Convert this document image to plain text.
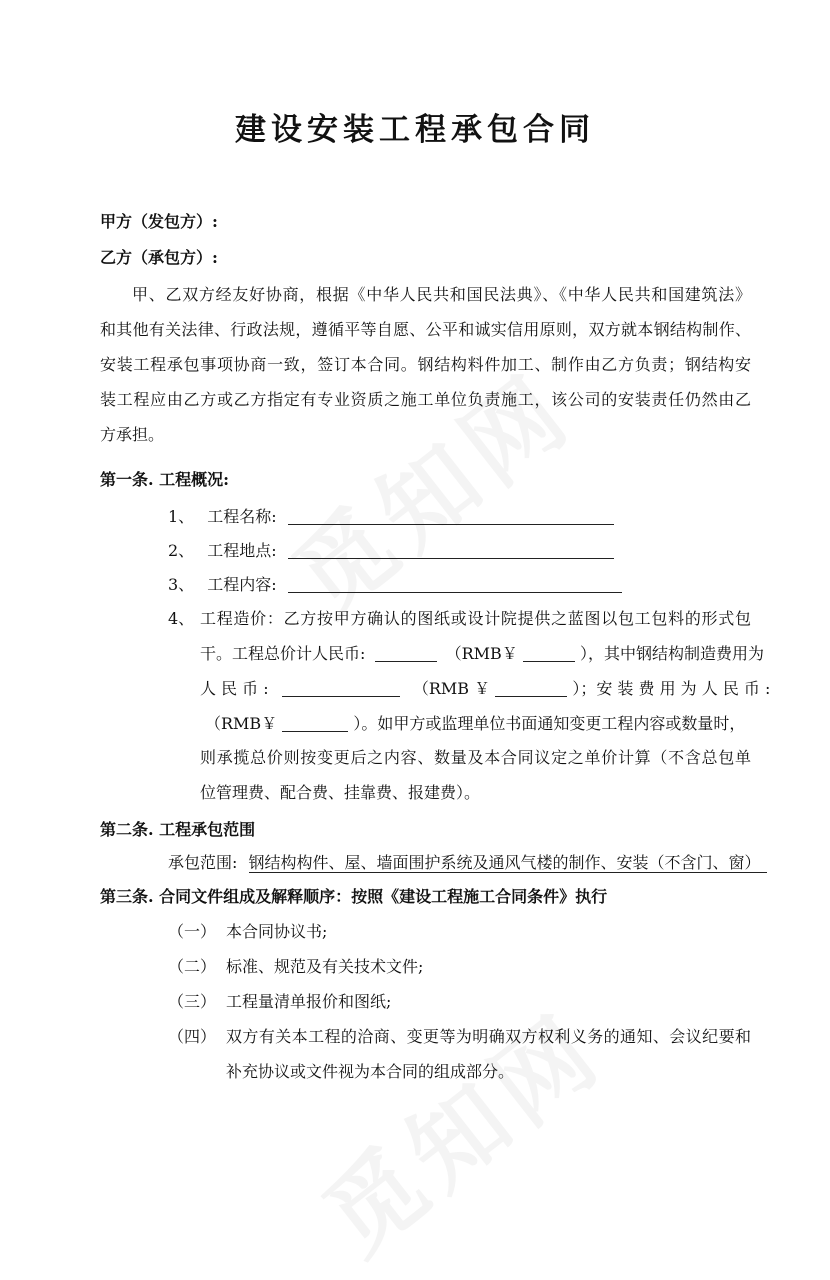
建设安装工程承包合同
甲方（发包方）:
乙方（承包方）:
甲、乙双方经友好协商，根据《中华人民共和国民法典》、《中华人民共和国建筑法》
和其他有关法律、行政法规，遵循平等自愿、公平和诚实信用原则，双方就本钢结构制作、
安装工程承包事项协商一致，签订本合同。钢结构料件加工、制作由乙方负责；钢结构安
装工程应由乙方或乙方指定有专业资质之施工单位负责施工，该公司的安装责任仍然由乙
方承担。
第一条. 工程概况:
1、 工程名称:
2、 工程地点:
3、 工程内容:
4、 工程造价：乙方按甲方确认的图纸或设计院提供之蓝图以包工包料的形式包
干。工程总价计人民币:	（RMB￥	），其中钢结构制造费用为
人 民 币 :	（RMB ￥	）；安 装 费 用 为 人 民 币 :
（RMB￥	）。如甲方或监理单位书面通知变更工程内容或数量时，
则承揽总价则按变更后之内容、数量及本合同议定之单价计算（不含总包单
位管理费、配合费、挂靠费、报建费）。
第二条. 工程承包范围
承包范围: 钢结构构件、屋、墙面围护系统及通风气楼的制作、安装（不含门、窗）
第三条. 合同文件组成及解释顺序：按照《建设工程施工合同条件》执行
（一） 本合同协议书;
（二） 标准、规范及有关技术文件;
（三） 工程量清单报价和图纸;
（四） 双方有关本工程的洽商、变更等为明确双方权利义务的通知、会议纪要和
补充协议或文件视为本合同的组成部分。
